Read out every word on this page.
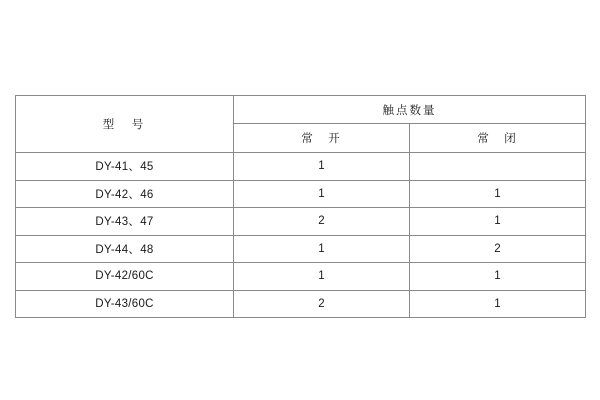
型　号	触点数量	
	常　开	常　闭
DY-41、45	1	
DY-42、46	1	1
DY-43、47	2	1
DY-44、48	1	2
DY-42/60C	1	1
DY-43/60C	2	1
